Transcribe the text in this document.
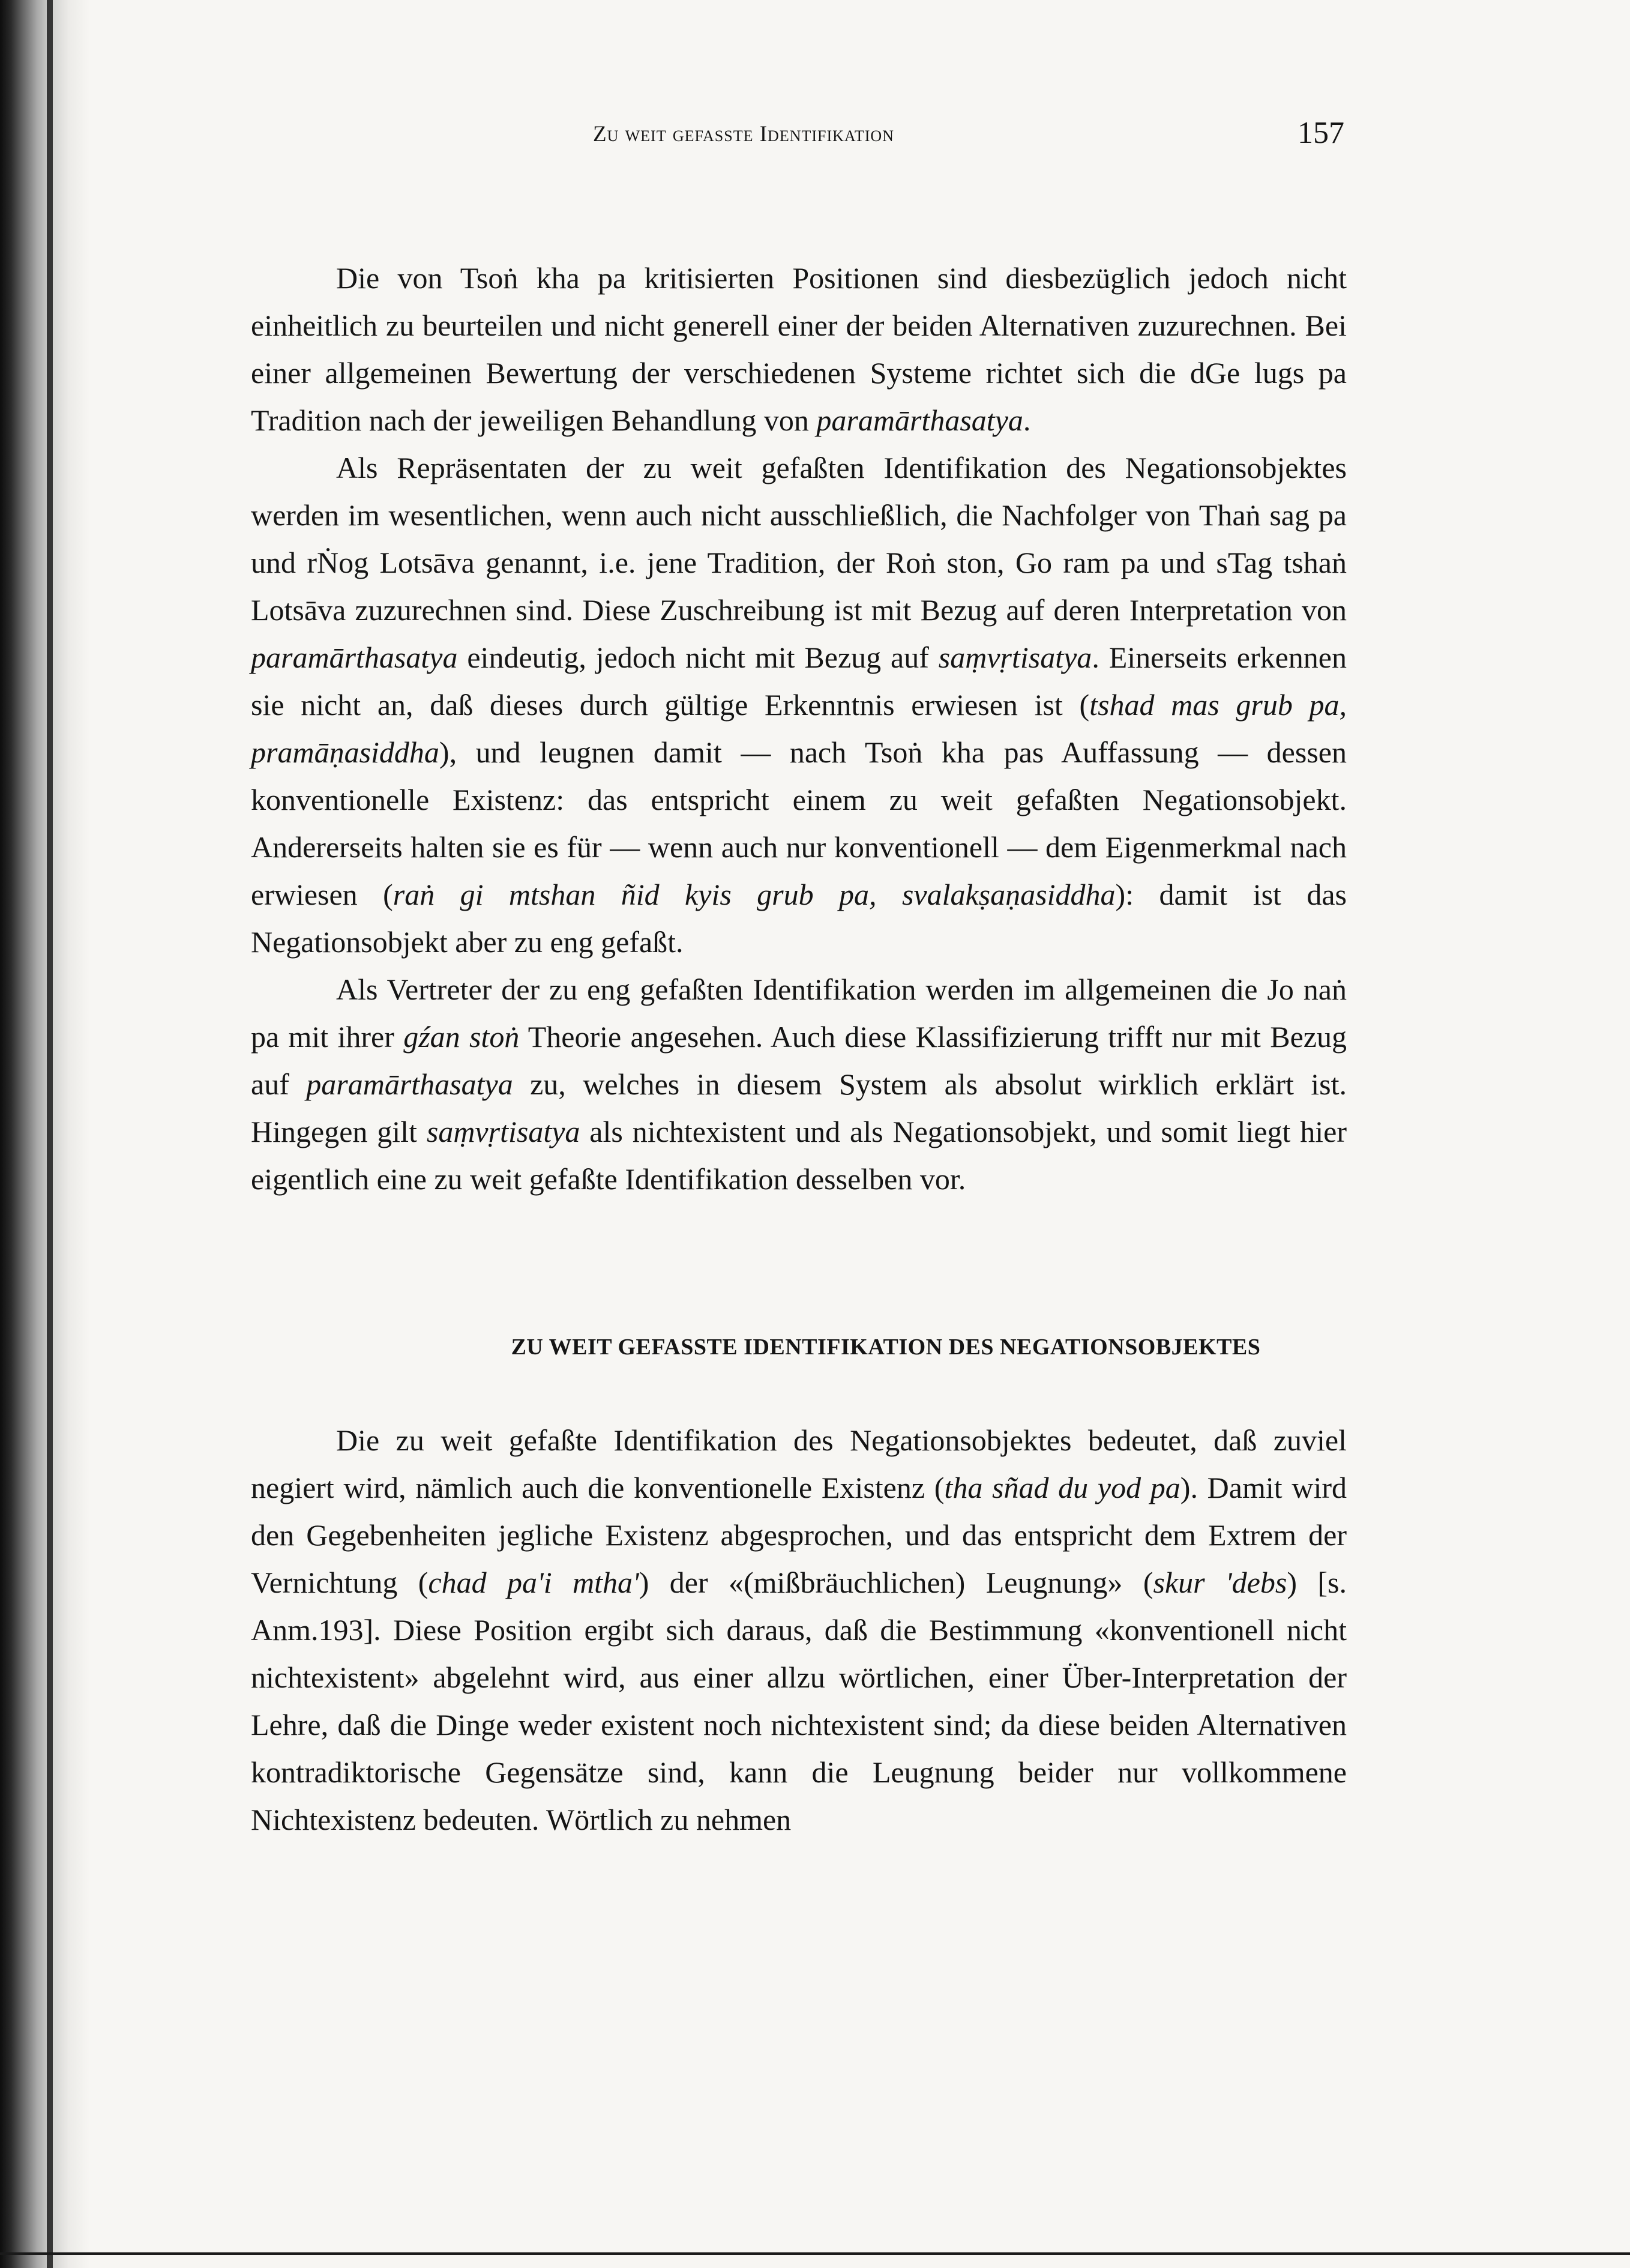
Zu weit gefasste Identifikation	157

Die von Tsoṅ kha pa kritisierten Positionen sind diesbezüglich jedoch nicht einheitlich zu beurteilen und nicht generell einer der beiden Alternativen zuzurechnen. Bei einer allgemeinen Bewertung der verschiedenen Systeme richtet sich die dGe lugs pa Tradition nach der jeweiligen Behandlung von paramārthasatya.

Als Repräsentaten der zu weit gefaßten Identifikation des Negationsobjektes werden im wesentlichen, wenn auch nicht ausschließlich, die Nachfolger von Thaṅ sag pa und rṄog Lotsāva genannt, i.e. jene Tradition, der Roṅ ston, Go ram pa und sTag tshaṅ Lotsāva zuzurechnen sind. Diese Zuschreibung ist mit Bezug auf deren Interpretation von paramārthasatya eindeutig, jedoch nicht mit Bezug auf saṃvṛtisatya. Einerseits erkennen sie nicht an, daß dieses durch gültige Erkenntnis erwiesen ist (tshad mas grub pa, pramāṇasiddha), und leugnen damit — nach Tsoṅ kha pas Auffassung — dessen konventionelle Existenz: das entspricht einem zu weit gefaßten Negationsobjekt. Andererseits halten sie es für — wenn auch nur konventionell — dem Eigenmerkmal nach erwiesen (raṅ gi mtshan ñid kyis grub pa, svalakṣaṇasiddha): damit ist das Negationsobjekt aber zu eng gefaßt.

Als Vertreter der zu eng gefaßten Identifikation werden im allgemeinen die Jo naṅ pa mit ihrer gźan stoṅ Theorie angesehen. Auch diese Klassifizierung trifft nur mit Bezug auf paramārthasatya zu, welches in diesem System als absolut wirklich erklärt ist. Hingegen gilt saṃvṛtisatya als nichtexistent und als Negationsobjekt, und somit liegt hier eigentlich eine zu weit gefaßte Identifikation desselben vor.

ZU WEIT GEFASSTE IDENTIFIKATION DES NEGATIONSOBJEKTES

Die zu weit gefaßte Identifikation des Negationsobjektes bedeutet, daß zuviel negiert wird, nämlich auch die konventionelle Existenz (tha sñad du yod pa). Damit wird den Gegebenheiten jegliche Existenz abgesprochen, und das entspricht dem Extrem der Vernichtung (chad pa'i mtha') der «(mißbräuchlichen) Leugnung» (skur 'debs) [s. Anm.193]. Diese Position ergibt sich daraus, daß die Bestimmung «konventionell nicht nichtexistent» abgelehnt wird, aus einer allzu wörtlichen, einer Über-Interpretation der Lehre, daß die Dinge weder existent noch nichtexistent sind; da diese beiden Alternativen kontradiktorische Gegensätze sind, kann die Leugnung beider nur vollkommene Nichtexistenz bedeuten. Wörtlich zu nehmen
